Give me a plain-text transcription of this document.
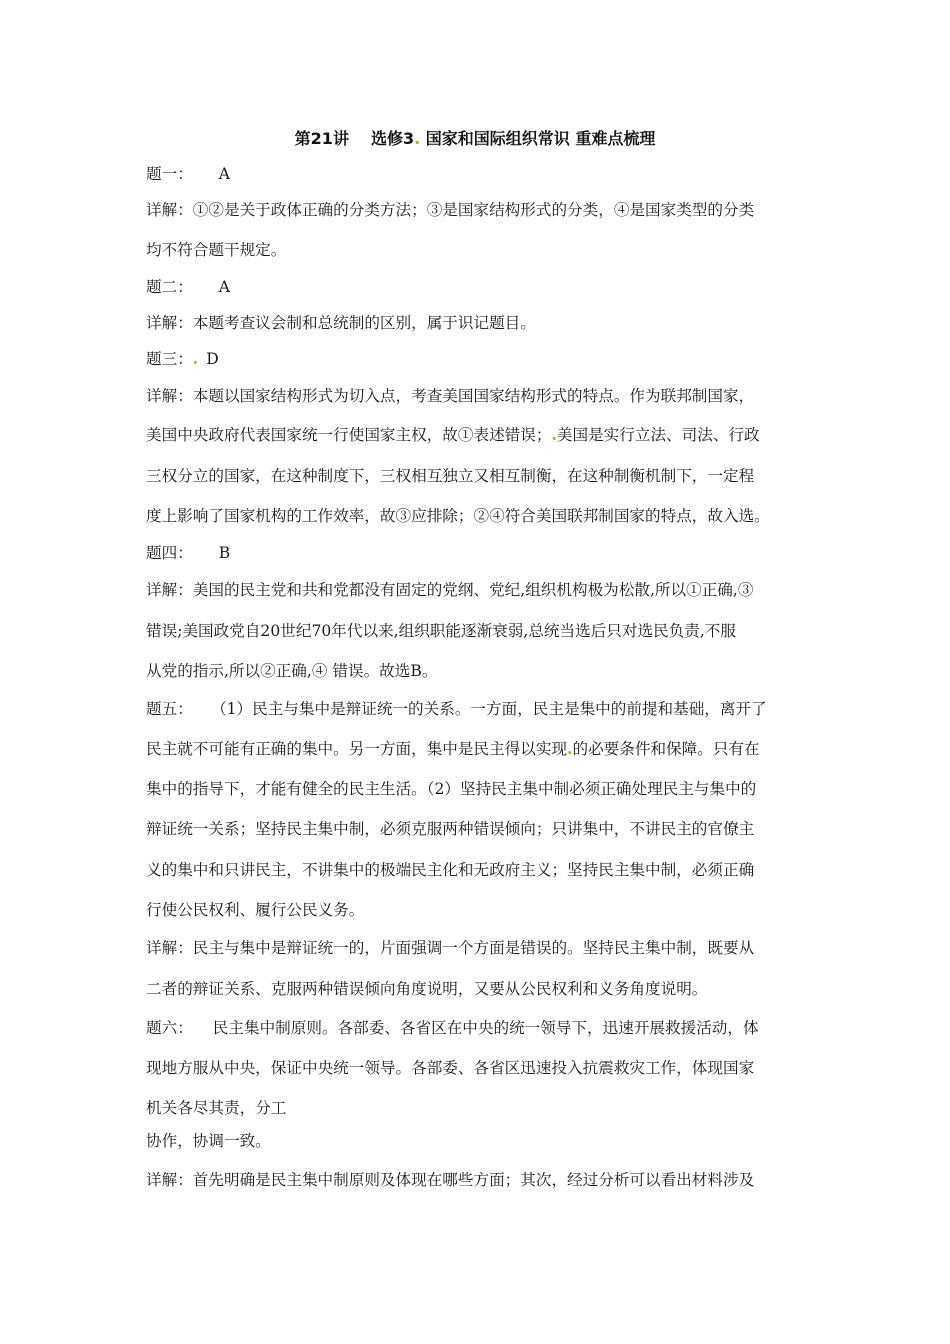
第21讲 选修3. 国家和国际组织常识 重难点梳理
题一： A
详解：①②是关于政体正确的分类方法；③是国家结构形式的分类，④是国家类型的分类
均不符合题干规定。
题二： A
详解：本题考查议会制和总统制的区别，属于识记题目。
题三：. D
详解：本题以国家结构形式为切入点，考查美国国家结构形式的特点。作为联邦制国家，
美国中央政府代表国家统一行使国家主权，故①表述错误；.美国是实行立法、司法、行政
三权分立的国家，在这种制度下，三权相互独立又相互制衡，在这种制衡机制下，一定程
度上影响了国家机构的工作效率，故③应排除；②④符合美国联邦制国家的特点，故入选。
题四： B
详解：美国的民主党和共和党都没有固定的党纲、党纪,组织机构极为松散,所以①正确,③
错误;美国政党自20世纪70年代以来,组织职能逐渐衰弱,总统当选后只对选民负责,不服
从党的指示,所以②正确,④ 错误。故选B。
题五： （1）民主与集中是辩证统一的关系。一方面，民主是集中的前提和基础，离开了
民主就不可能有正确的集中。另一方面，集中是民主得以实现.的必要条件和保障。只有在
集中的指导下，才能有健全的民主生活。（2）坚持民主集中制必须正确处理民主与集中的
辩证统一关系；坚持民主集中制，必须克服两种错误倾向；只讲集中，不讲民主的官僚主
义的集中和只讲民主，不讲集中的极端民主化和无政府主义；坚持民主集中制，必须正确
行使公民权利、履行公民义务。
详解：民主与集中是辩证统一的，片面强调一个方面是错误的。坚持民主集中制，既要从
二者的辩证关系、克服两种错误倾向角度说明，又要从公民权利和义务角度说明。
题六： 民主集中制原则。各部委、各省区在中央的统一领导下，迅速开展救援活动，体
现地方服从中央，保证中央统一领导。各部委、各省区迅速投入抗震救灾工作，体现国家
机关各尽其责，分工
协作，协调一致。
详解：首先明确是民主集中制原则及体现在哪些方面；其次，经过分析可以看出材料涉及
